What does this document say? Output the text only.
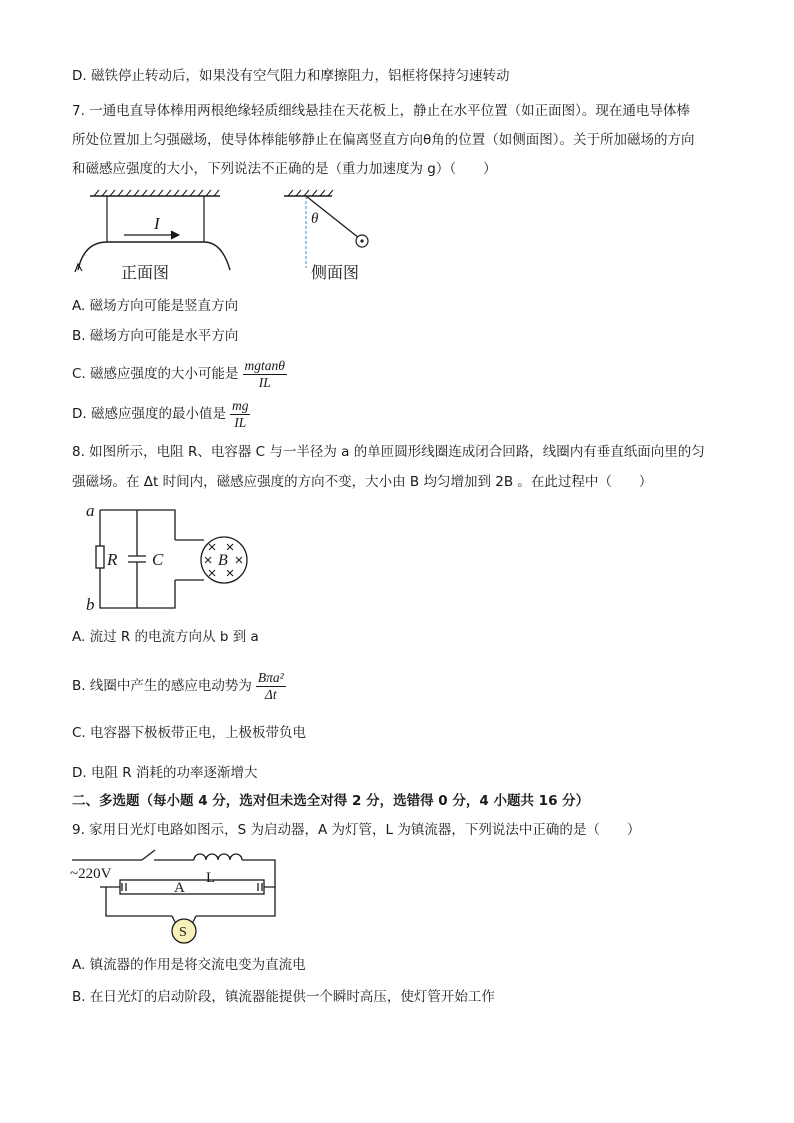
D. 磁铁停止转动后，如果没有空气阻力和摩擦阻力，铝框将保持匀速转动
7. 一通电直导体棒用两根绝缘轻质细线悬挂在天花板上，静止在水平位置（如正面图）。现在通电导体棒
所处位置加上匀强磁场，使导体棒能够静止在偏离竖直方向θ角的位置（如侧面图）。关于所加磁场的方向
和磁感应强度的大小，下列说法不正确的是（重力加速度为 g）（　　）
I
正面图
θ
侧面图
A. 磁场方向可能是竖直方向
B. 磁场方向可能是水平方向
C. 磁感应强度的大小可能是 $\frac{mgtan\theta}{IL}$
D. 磁感应强度的最小值是 $\frac{mg}{IL}$
8. 如图所示，电阻 R、电容器 C 与一半径为 a 的单匝圆形线圈连成闭合回路，线圈内有垂直纸面向里的匀
强磁场。在 Δt 时间内，磁感应强度的方向不变，大小由 B 均匀增加到 2B 。在此过程中（　　）
a
b
R C	B
A. 流过 R 的电流方向从 b 到 a
B. 线圈中产生的感应电动势为 $\frac{\text{Bπa²}}{\Delta t}$
C. 电容器下极板带正电，上极板带负电
D. 电阻 R 消耗的功率逐渐增大
二、多选题（每小题 4 分，选对但未选全对得 2 分，选错得 0 分，4 小题共 16 分）
9. 家用日光灯电路如图示，S 为启动器，A 为灯管，L 为镇流器，下列说法中正确的是（　　）
~220V	L
A
S
A. 镇流器的作用是将交流电变为直流电
B. 在日光灯的启动阶段，镇流器能提供一个瞬时高压，使灯管开始工作
